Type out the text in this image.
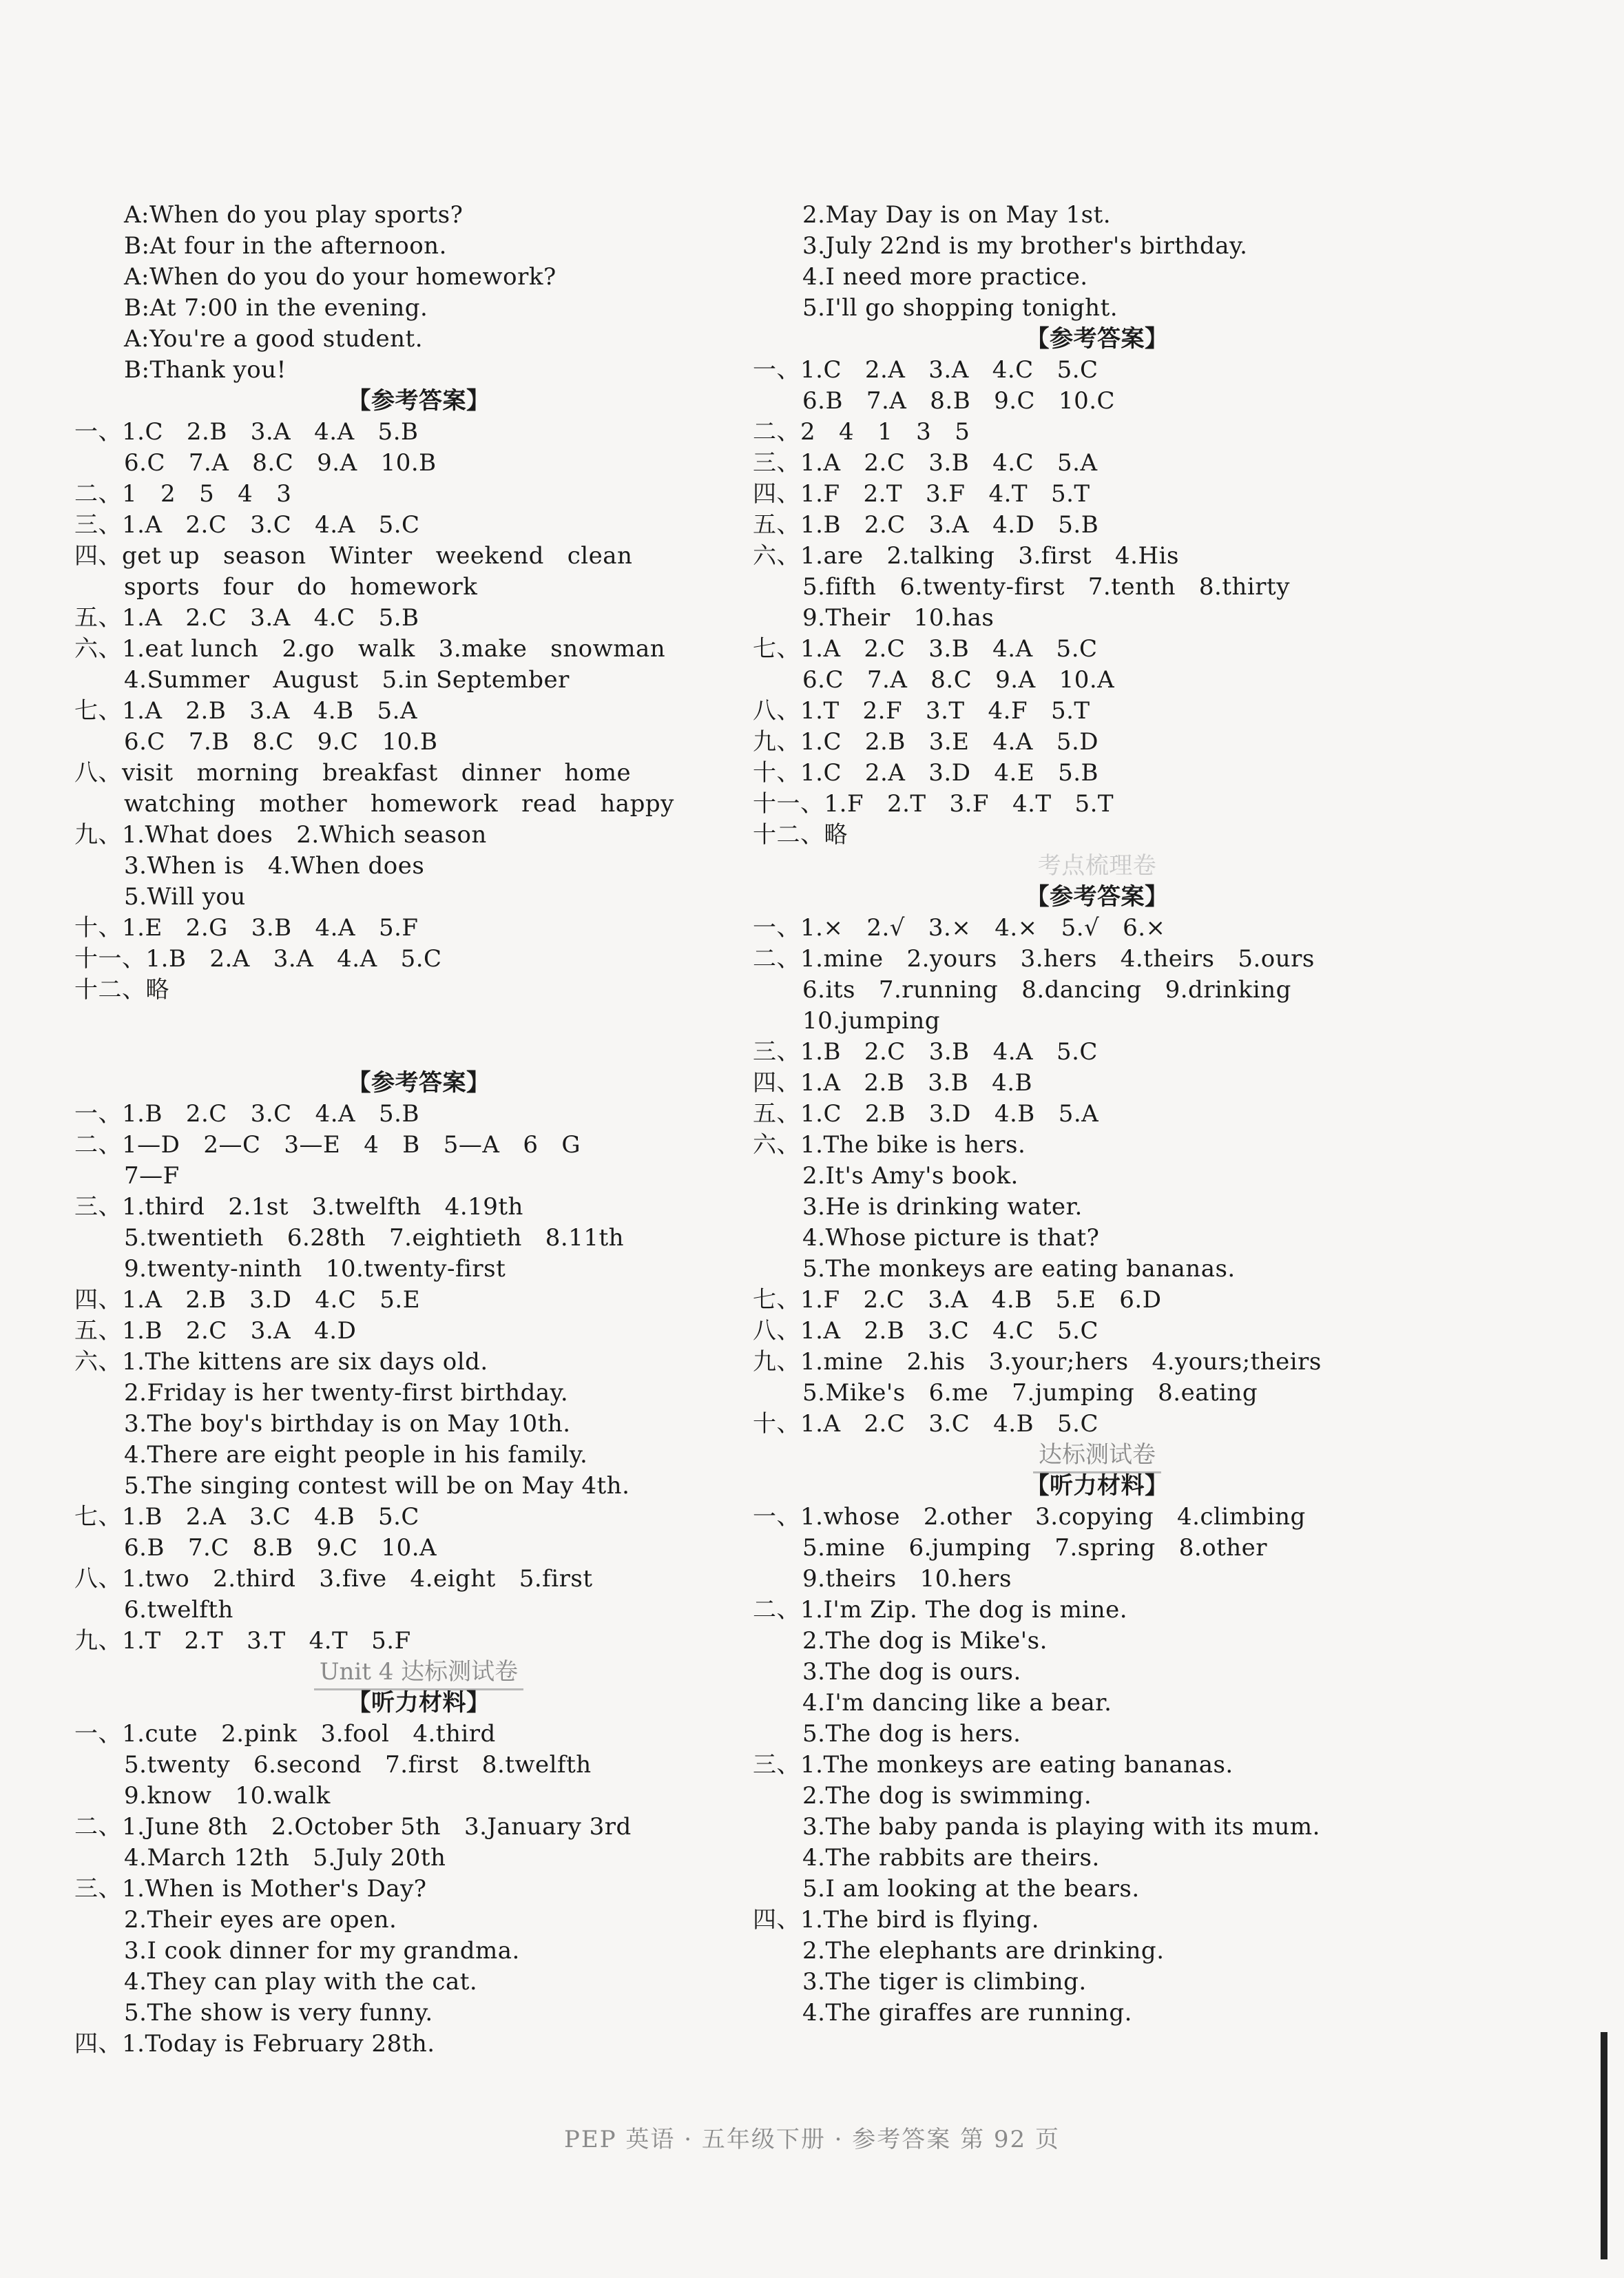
A:When do you play sports?
B:At four in the afternoon.
A:When do you do your homework?
B:At 7:00 in the evening.
A:You're a good student.
B:Thank you!
【参考答案】
一、1.C   2.B   3.A   4.A   5.B
6.C   7.A   8.C   9.A   10.B
二、1   2   5   4   3
三、1.A   2.C   3.C   4.A   5.C
四、get up   season   Winter   weekend   clean
sports   four   do   homework
五、1.A   2.C   3.A   4.C   5.B
六、1.eat lunch   2.go   walk   3.make   snowman
4.Summer   August   5.in September
七、1.A   2.B   3.A   4.B   5.A
6.C   7.B   8.C   9.C   10.B
八、visit   morning   breakfast   dinner   home
watching   mother   homework   read   happy
九、1.What does   2.Which season
3.When is   4.When does
5.Will you
十、1.E   2.G   3.B   4.A   5.F
十一、1.B   2.A   3.A   4.A   5.C
十二、略
【参考答案】
一、1.B   2.C   3.C   4.A   5.B
二、1—D   2—C   3—E   4   B   5—A   6   G
7—F
三、1.third   2.1st   3.twelfth   4.19th
5.twentieth   6.28th   7.eightieth   8.11th
9.twenty-ninth   10.twenty-first
四、1.A   2.B   3.D   4.C   5.E
五、1.B   2.C   3.A   4.D
六、1.The kittens are six days old.
2.Friday is her twenty-first birthday.
3.The boy's birthday is on May 10th.
4.There are eight people in his family.
5.The singing contest will be on May 4th.
七、1.B   2.A   3.C   4.B   5.C
6.B   7.C   8.B   9.C   10.A
八、1.two   2.third   3.five   4.eight   5.first
6.twelfth
九、1.T   2.T   3.T   4.T   5.F
Unit 4 达标测试卷
【听力材料】
一、1.cute   2.pink   3.fool   4.third
5.twenty   6.second   7.first   8.twelfth
9.know   10.walk
二、1.June 8th   2.October 5th   3.January 3rd
4.March 12th   5.July 20th
三、1.When is Mother's Day?
2.Their eyes are open.
3.I cook dinner for my grandma.
4.They can play with the cat.
5.The show is very funny.
四、1.Today is February 28th.
2.May Day is on May 1st.
3.July 22nd is my brother's birthday.
4.I need more practice.
5.I'll go shopping tonight.
【参考答案】
一、1.C   2.A   3.A   4.C   5.C
6.B   7.A   8.B   9.C   10.C
二、2   4   1   3   5
三、1.A   2.C   3.B   4.C   5.A
四、1.F   2.T   3.F   4.T   5.T
五、1.B   2.C   3.A   4.D   5.B
六、1.are   2.talking   3.first   4.His
5.fifth   6.twenty-first   7.tenth   8.thirty
9.Their   10.has
七、1.A   2.C   3.B   4.A   5.C
6.C   7.A   8.C   9.A   10.A
八、1.T   2.F   3.T   4.F   5.T
九、1.C   2.B   3.E   4.A   5.D
十、1.C   2.A   3.D   4.E   5.B
十一、1.F   2.T   3.F   4.T   5.T
十二、略
考点梳理卷
【参考答案】
一、1.×   2.√   3.×   4.×   5.√   6.×
二、1.mine   2.yours   3.hers   4.theirs   5.ours
6.its   7.running   8.dancing   9.drinking
10.jumping
三、1.B   2.C   3.B   4.A   5.C
四、1.A   2.B   3.B   4.B
五、1.C   2.B   3.D   4.B   5.A
六、1.The bike is hers.
2.It's Amy's book.
3.He is drinking water.
4.Whose picture is that?
5.The monkeys are eating bananas.
七、1.F   2.C   3.A   4.B   5.E   6.D
八、1.A   2.B   3.C   4.C   5.C
九、1.mine   2.his   3.your;hers   4.yours;theirs
5.Mike's   6.me   7.jumping   8.eating
十、1.A   2.C   3.C   4.B   5.C
达标测试卷
【听力材料】
一、1.whose   2.other   3.copying   4.climbing
5.mine   6.jumping   7.spring   8.other
9.theirs   10.hers
二、1.I'm Zip. The dog is mine.
2.The dog is Mike's.
3.The dog is ours.
4.I'm dancing like a bear.
5.The dog is hers.
三、1.The monkeys are eating bananas.
2.The dog is swimming.
3.The baby panda is playing with its mum.
4.The rabbits are theirs.
5.I am looking at the bears.
四、1.The bird is flying.
2.The elephants are drinking.
3.The tiger is climbing.
4.The giraffes are running.
PEP 英语 · 五年级下册 · 参考答案 第 92 页
